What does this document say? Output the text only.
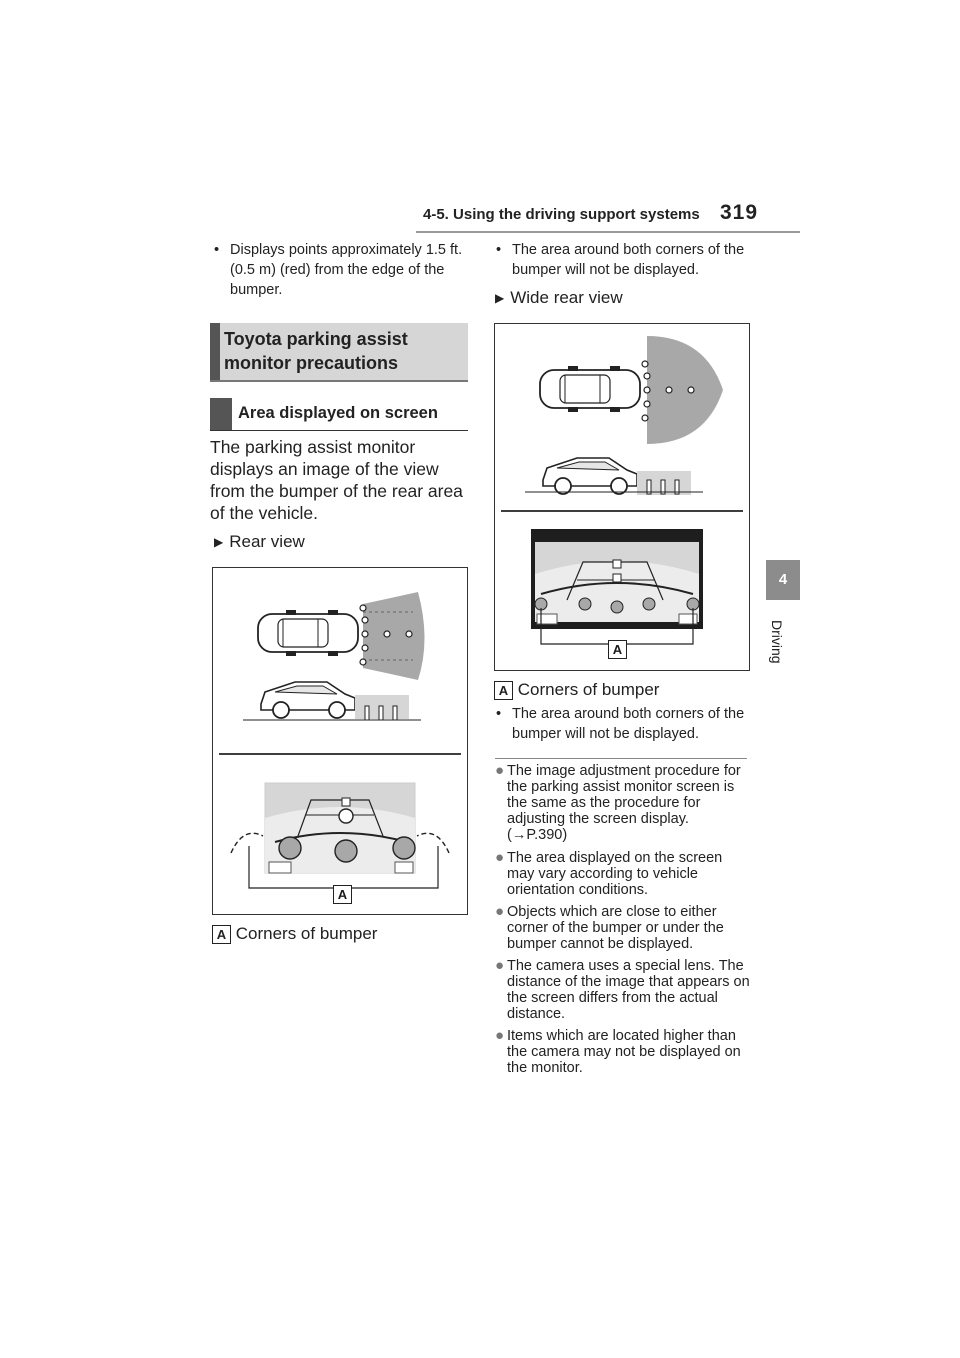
4-5. Using the driving support systems 319
4
Driving
• Displays points approximately 1.5 ft. (0.5 m) (red) from the edge of the bumper.
Toyota parking assist monitor precautions
Area displayed on screen
The parking assist monitor displays an image of the view from the bumper of the rear area of the vehicle.
▶ Rear view
A
A Corners of bumper
• The area around both corners of the bumper will not be displayed.
▶ Wide rear view
A
A Corners of bumper
• The area around both corners of the bumper will not be displayed.
● The image adjustment procedure for the parking assist monitor screen is the same as the procedure for adjusting the screen display. (→P.390)
● The area displayed on the screen may vary according to vehicle orientation conditions.
● Objects which are close to either corner of the bumper or under the bumper cannot be displayed.
● The camera uses a special lens. The distance of the image that appears on the screen differs from the actual distance.
● Items which are located higher than the camera may not be displayed on the monitor.
